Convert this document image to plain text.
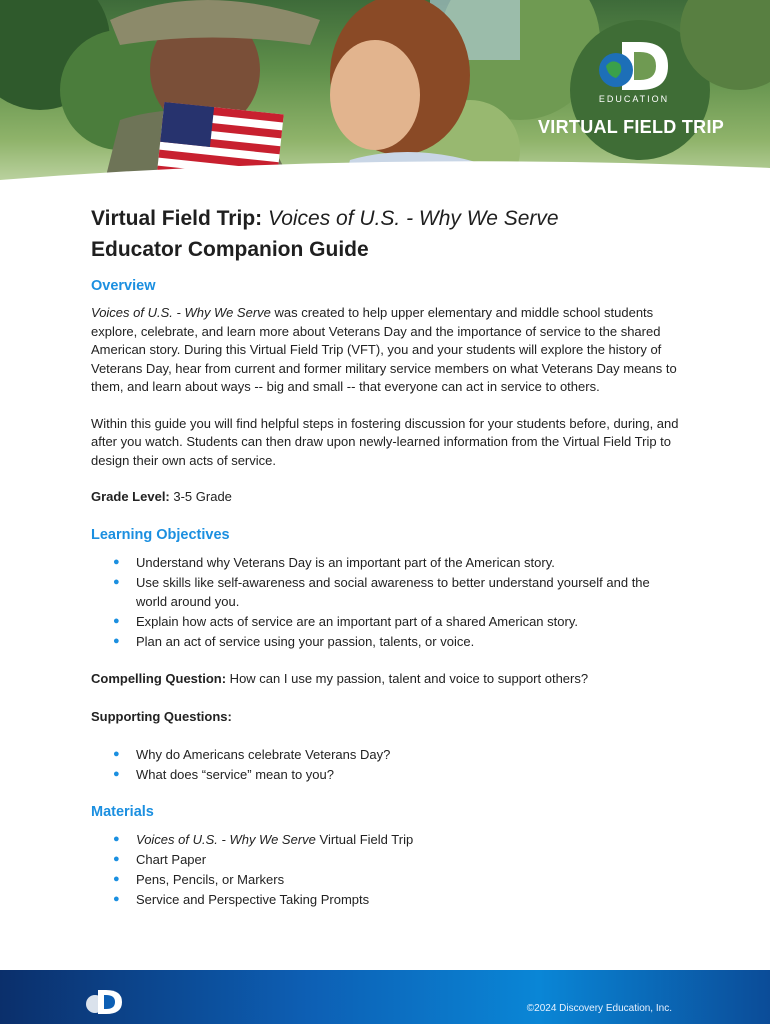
EDUCATION
VIRTUAL FIELD TRIP
Virtual Field Trip: Voices of U.S. - Why We Serve
Educator Companion Guide
Overview

Voices of U.S. - Why We Serve was created to help upper elementary and middle school students explore, celebrate, and learn more about Veterans Day and the importance of service to the shared American story. During this Virtual Field Trip (VFT), you and your students will explore the history of Veterans Day, hear from current and former military service members on what Veterans Day means to them, and learn about ways -- big and small -- that everyone can act in service to others.

Within this guide you will find helpful steps in fostering discussion for your students before, during, and after you watch. Students can then draw upon newly-learned information from the Virtual Field Trip to design their own acts of service.

Grade Level: 3-5 Grade

Learning Objectives
● Understand why Veterans Day is an important part of the American story.
● Use skills like self-awareness and social awareness to better understand yourself and the world around you.
● Explain how acts of service are an important part of a shared American story.
● Plan an act of service using your passion, talents, or voice.

Compelling Question: How can I use my passion, talent and voice to support others?

Supporting Questions:

● Why do Americans celebrate Veterans Day?
● What does “service” mean to you?
Materials
● Voices of U.S. - Why We Serve Virtual Field Trip
● Chart Paper
● Pens, Pencils, or Markers
● Service and Perspective Taking Prompts
©2024 Discovery Education, Inc.
